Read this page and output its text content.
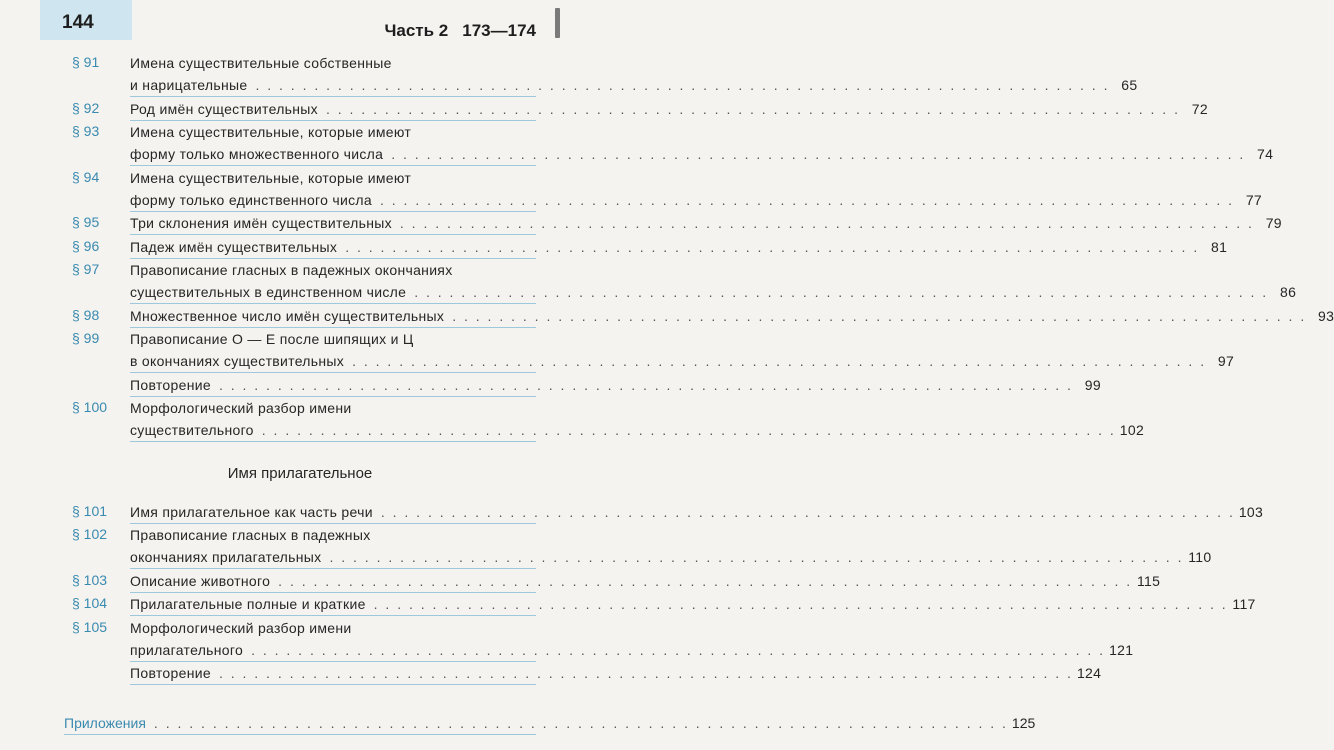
144	Часть 2 173—174
§ 91 Имена существительные собственные
и нарицательные . . . . . . . . . . . . . . . . . . . . . . . . . . . . . . . . . . . . . . . . . . . . . . . . . . . . . . . . . . . . . . . . . . . . . . . . . 65
§ 92 Род имён существительных . . . . . . . . . . . . . . . . . . . . . . . . . . . . . . . . . . . . . . . . . . . . . . . . . . . . . . . . . . . . . . . . . . . . . . . . . 72
§ 93 Имена существительные, которые имеют
форму только множественного числа . . . . . . . . . . . . . . . . . . . . . . . . . . . . . . . . . . . . . . . . . . . . . . . . . . . . . . . . . . . . . . . . . . . . . . . . . 74
§ 94 Имена существительные, которые имеют
форму только единственного числа . . . . . . . . . . . . . . . . . . . . . . . . . . . . . . . . . . . . . . . . . . . . . . . . . . . . . . . . . . . . . . . . . . . . . . . . . 77
§ 95 Три склонения имён существительных . . . . . . . . . . . . . . . . . . . . . . . . . . . . . . . . . . . . . . . . . . . . . . . . . . . . . . . . . . . . . . . . . . . . . . . . . 79
§ 96 Падеж имён существительных . . . . . . . . . . . . . . . . . . . . . . . . . . . . . . . . . . . . . . . . . . . . . . . . . . . . . . . . . . . . . . . . . . . . . . . . . 81
§ 97 Правописание гласных в падежных окончаниях
существительных в единственном числе . . . . . . . . . . . . . . . . . . . . . . . . . . . . . . . . . . . . . . . . . . . . . . . . . . . . . . . . . . . . . . . . . . . . . . . . . 86
§ 98 Множественное число имён существительных . . . . . . . . . . . . . . . . . . . . . . . . . . . . . . . . . . . . . . . . . . . . . . . . . . . . . . . . . . . . . . . . . . . . . . . . . 93
§ 99 Правописание О — Е после шипящих и Ц
в окончаниях существительных . . . . . . . . . . . . . . . . . . . . . . . . . . . . . . . . . . . . . . . . . . . . . . . . . . . . . . . . . . . . . . . . . . . . . . . . . 97
Повторение . . . . . . . . . . . . . . . . . . . . . . . . . . . . . . . . . . . . . . . . . . . . . . . . . . . . . . . . . . . . . . . . . . . . . . . . . 99
§ 100 Морфологический разбор имени
существительного . . . . . . . . . . . . . . . . . . . . . . . . . . . . . . . . . . . . . . . . . . . . . . . . . . . . . . . . . . . . . . . . . . . . . . . . . 102
Имя прилагательное
§ 101 Имя прилагательное как часть речи . . . . . . . . . . . . . . . . . . . . . . . . . . . . . . . . . . . . . . . . . . . . . . . . . . . . . . . . . . . . . . . . . . . . . . . . . 103
§ 102 Правописание гласных в падежных
окончаниях прилагательных . . . . . . . . . . . . . . . . . . . . . . . . . . . . . . . . . . . . . . . . . . . . . . . . . . . . . . . . . . . . . . . . . . . . . . . . . 110
§ 103 Описание животного . . . . . . . . . . . . . . . . . . . . . . . . . . . . . . . . . . . . . . . . . . . . . . . . . . . . . . . . . . . . . . . . . . . . . . . . . 115
§ 104 Прилагательные полные и краткие . . . . . . . . . . . . . . . . . . . . . . . . . . . . . . . . . . . . . . . . . . . . . . . . . . . . . . . . . . . . . . . . . . . . . . . . . 117
§ 105 Морфологический разбор имени
прилагательного . . . . . . . . . . . . . . . . . . . . . . . . . . . . . . . . . . . . . . . . . . . . . . . . . . . . . . . . . . . . . . . . . . . . . . . . . 121
Повторение . . . . . . . . . . . . . . . . . . . . . . . . . . . . . . . . . . . . . . . . . . . . . . . . . . . . . . . . . . . . . . . . . . . . . . . . . 124
Приложения . . . . . . . . . . . . . . . . . . . . . . . . . . . . . . . . . . . . . . . . . . . . . . . . . . . . . . . . . . . . . . . . . . . . . . . . . 125
